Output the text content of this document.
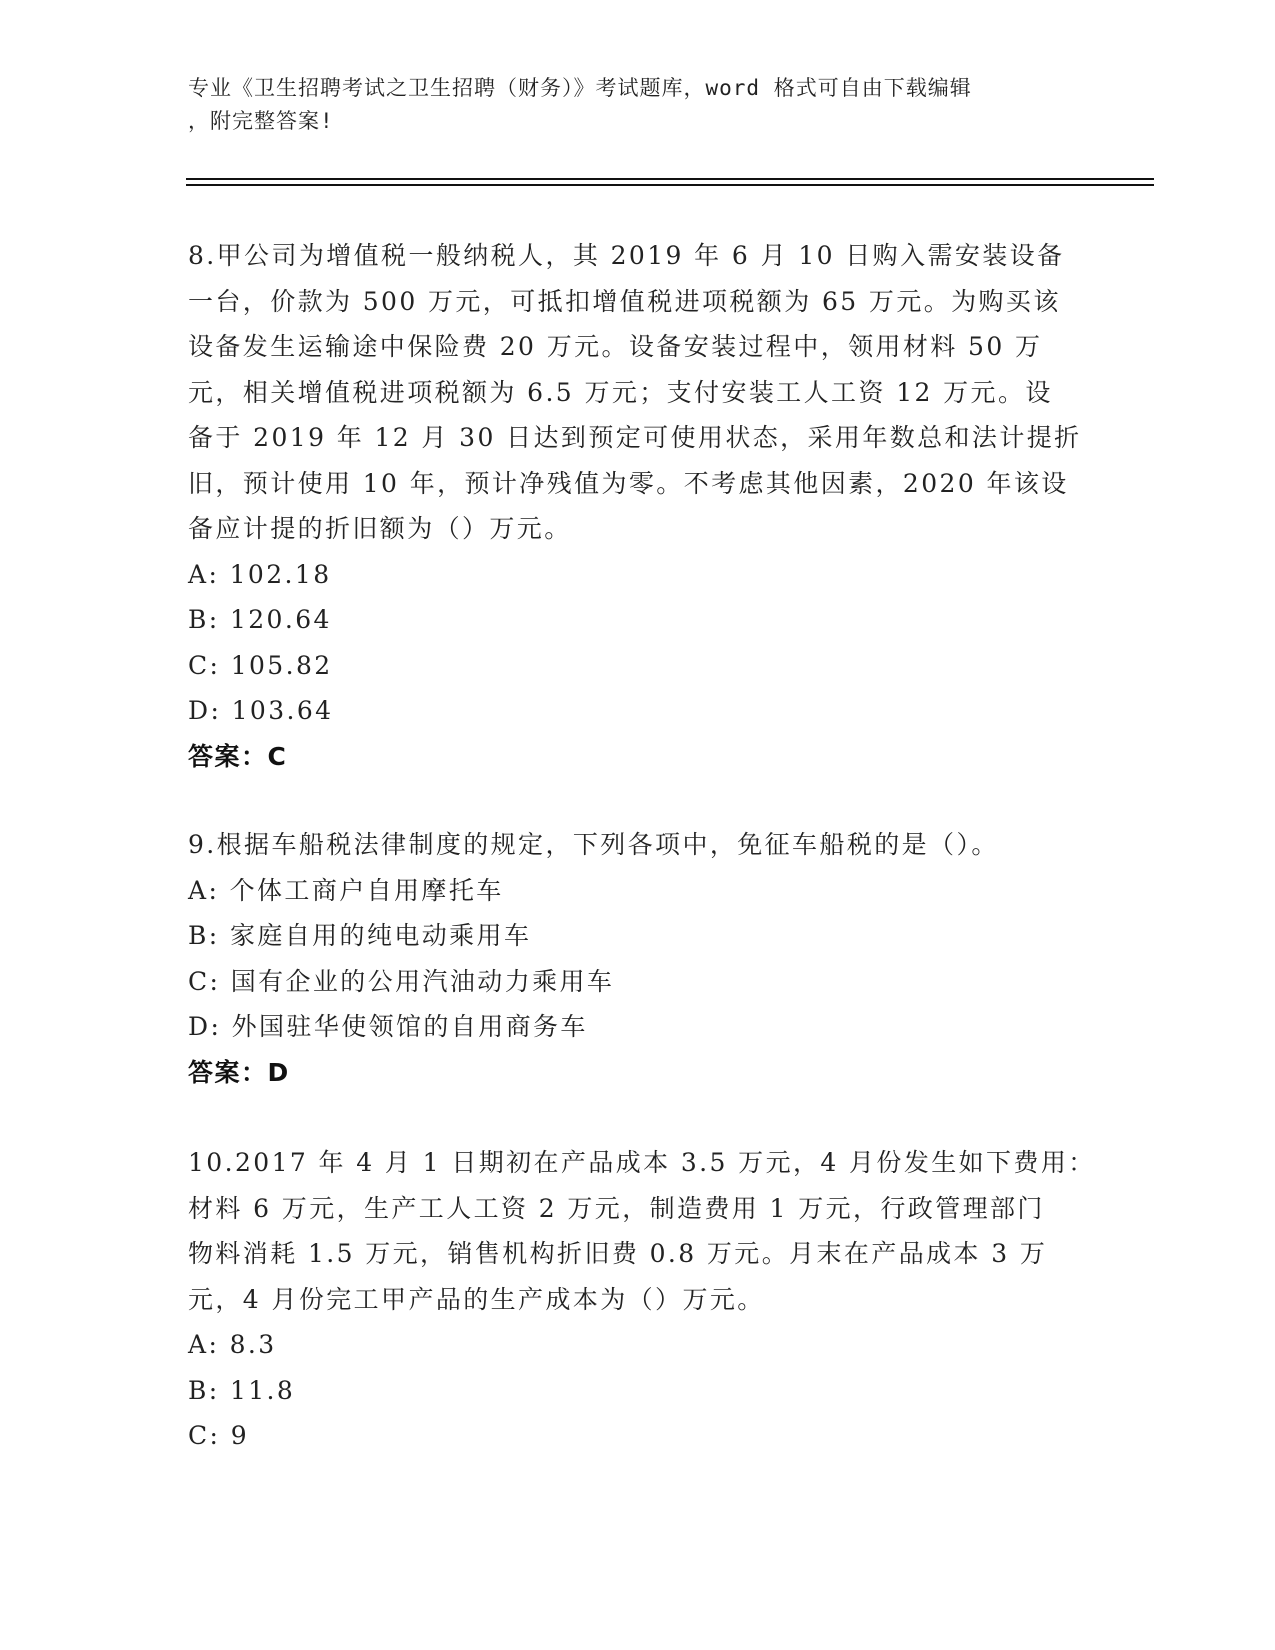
专业《卫生招聘考试之卫生招聘（财务）》考试题库，word 格式可自由下载编辑
，附完整答案!
8.甲公司为增值税一般纳税人，其 2019 年 6 月 10 日购入需安装设备
一台，价款为 500 万元，可抵扣增值税进项税额为 65 万元。为购买该
设备发生运输途中保险费 20 万元。设备安装过程中，领用材料 50 万
元，相关增值税进项税额为 6.5 万元；支付安装工人工资 12 万元。设
备于 2019 年 12 月 30 日达到预定可使用状态，采用年数总和法计提折
旧，预计使用 10 年，预计净残值为零。不考虑其他因素，2020 年该设
备应计提的折旧额为（）万元。
A: 102.18
B: 120.64
C: 105.82
D: 103.64
答案：C
9.根据车船税法律制度的规定，下列各项中，免征车船税的是（）。
A: 个体工商户自用摩托车
B: 家庭自用的纯电动乘用车
C: 国有企业的公用汽油动力乘用车
D: 外国驻华使领馆的自用商务车
答案：D
10.2017 年 4 月 1 日期初在产品成本 3.5 万元，4 月份发生如下费用：
材料 6 万元，生产工人工资 2 万元，制造费用 1 万元，行政管理部门
物料消耗 1.5 万元，销售机构折旧费 0.8 万元。月末在产品成本 3 万
元，4 月份完工甲产品的生产成本为（）万元。
A: 8.3
B: 11.8
C: 9
